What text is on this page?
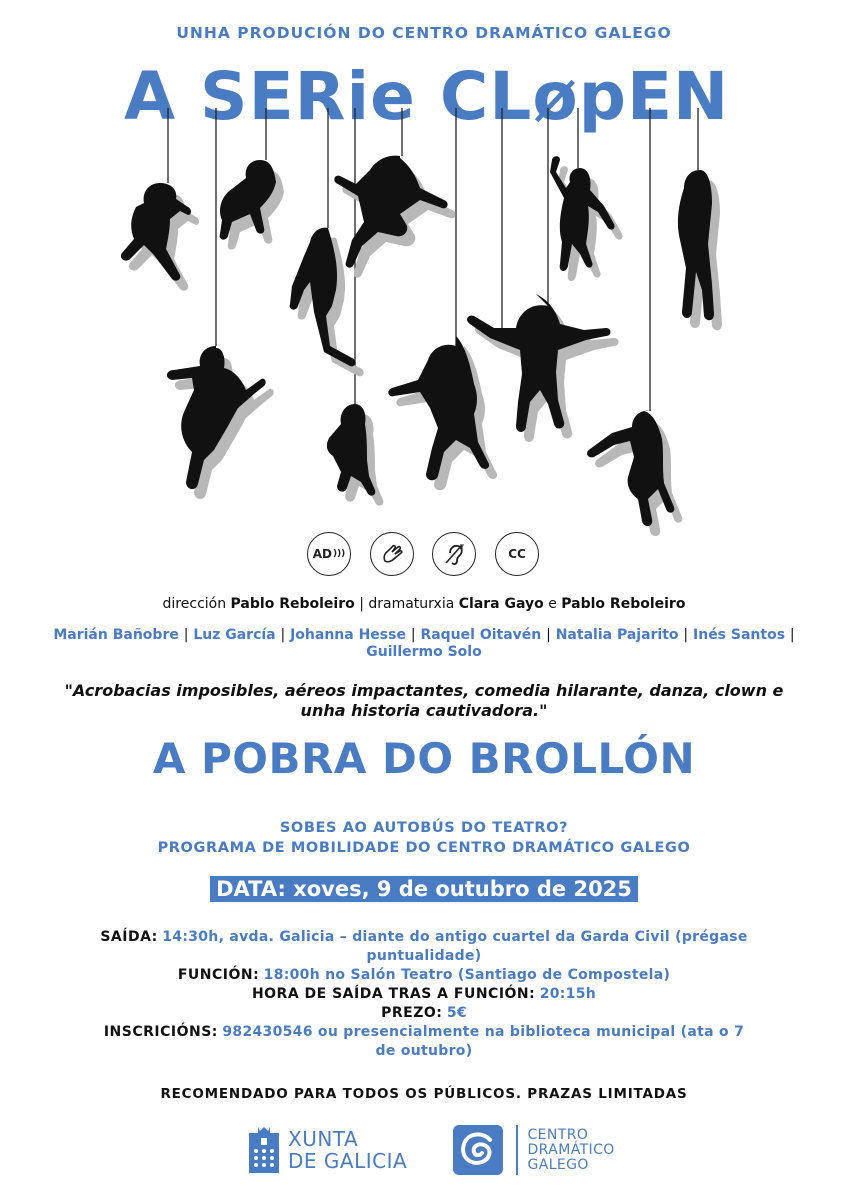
UNHA PRODUCIÓN DO CENTRO DRAMÁTICO GALEGO
A SERie CLøpEN
AD )))
T	CC
dirección Pablo Reboleiro | dramaturxia Clara Gayo e Pablo Reboleiro
Marián Bañobre | Luz García | Johanna Hesse | Raquel Oitavén | Natalia Pajarito | Inés Santos |
Guillermo Solo
"Acrobacias imposibles, aéreos impactantes, comedia hilarante, danza, clown e unha historia cautivadora."
A POBRA DO BROLLÓN
SOBES AO AUTOBÚS DO TEATRO?
PROGRAMA DE MOBILIDADE DO CENTRO DRAMÁTICO GALEGO
DATA: xoves, 9 de outubro de 2025
SAÍDA: 14:30h, avda. Galicia – diante do antigo cuartel da Garda Civil (prégase puntualidade)
FUNCIÓN: 18:00h no Salón Teatro (Santiago de Compostela)
HORA DE SAÍDA TRAS A FUNCIÓN: 20:15h
PREZO: 5€
INSCRICIÓNS: 982430546 ou presencialmente na biblioteca municipal (ata o 7 de outubro)
RECOMENDADO PARA TODOS OS PÚBLICOS. PRAZAS LIMITADAS
XUNTA
DE GALICIA
CENTRO
DRAMÁTICO
GALEGO
